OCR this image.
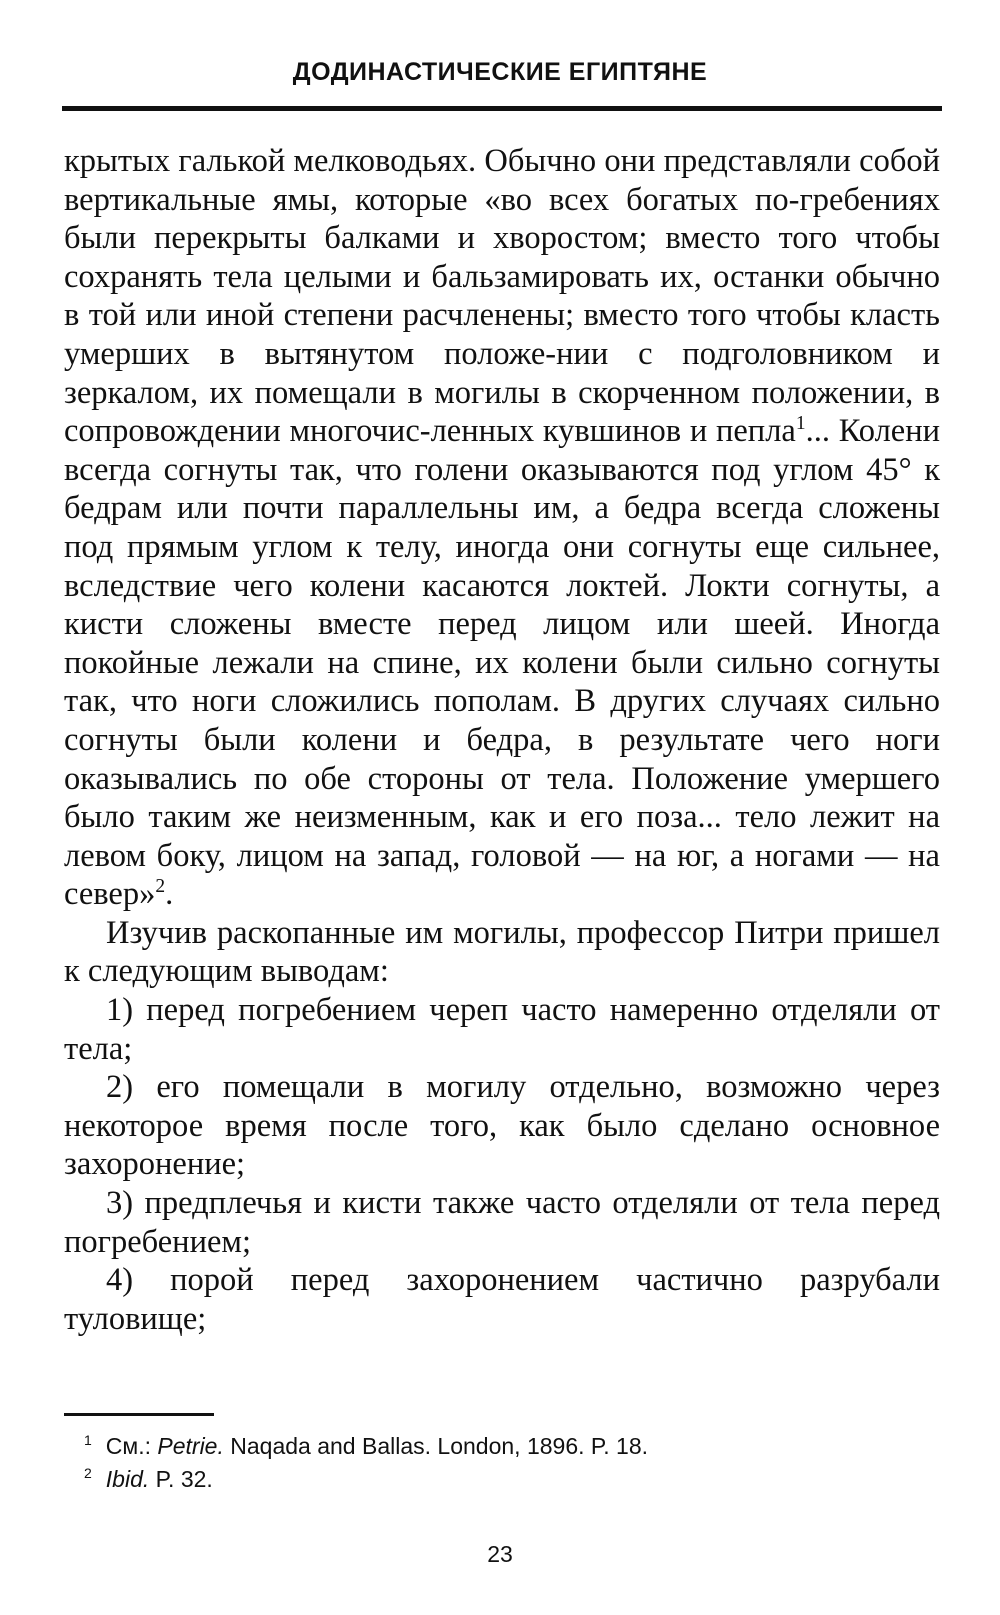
ДОДИНАСТИЧЕСКИЕ ЕГИПТЯНЕ

крытых галькой мелководьях. Обычно они представляли собой вертикальные ямы, которые «во всех богатых по-гребениях были перекрыты балками и хворостом; вместо того чтобы сохранять тела целыми и бальзамировать их, останки обычно в той или иной степени расчленены; вместо того чтобы класть умерших в вытянутом положе-нии с подголовником и зеркалом, их помещали в могилы в скорченном положении, в сопровождении многочис-ленных кувшинов и пепла$^1$... Колени всегда согнуты так, что голени оказываются под углом 45° к бедрам или почти параллельны им, а бедра всегда сложены под прямым углом к телу, иногда они согнуты еще сильнее, вследствие чего колени касаются локтей. Локти согнуты, а кисти сложены вместе перед лицом или шеей. Иногда покойные лежали на спине, их колени были сильно согнуты так, что ноги сложились пополам. В других случаях сильно согнуты были колени и бедра, в результате чего ноги оказывались по обе стороны от тела. Положение умершего было таким же неизменным, как и его поза... тело лежит на левом боку, лицом на запад, головой — на юг, а ногами — на север»$^2$.

Изучив раскопанные им могилы, профессор Питри пришел к следующим выводам:

1) перед погребением череп часто намеренно отделяли от тела;

2) его помещали в могилу отдельно, возможно через некоторое время после того, как было сделано основное захоронение;

3) предплечья и кисти также часто отделяли от тела перед погребением;

4) порой перед захоронением частично разрубали туловище;

1 См.: Petrie. Naqada and Ballas. London, 1896. P. 18.
2 Ibid. P. 32.
23
